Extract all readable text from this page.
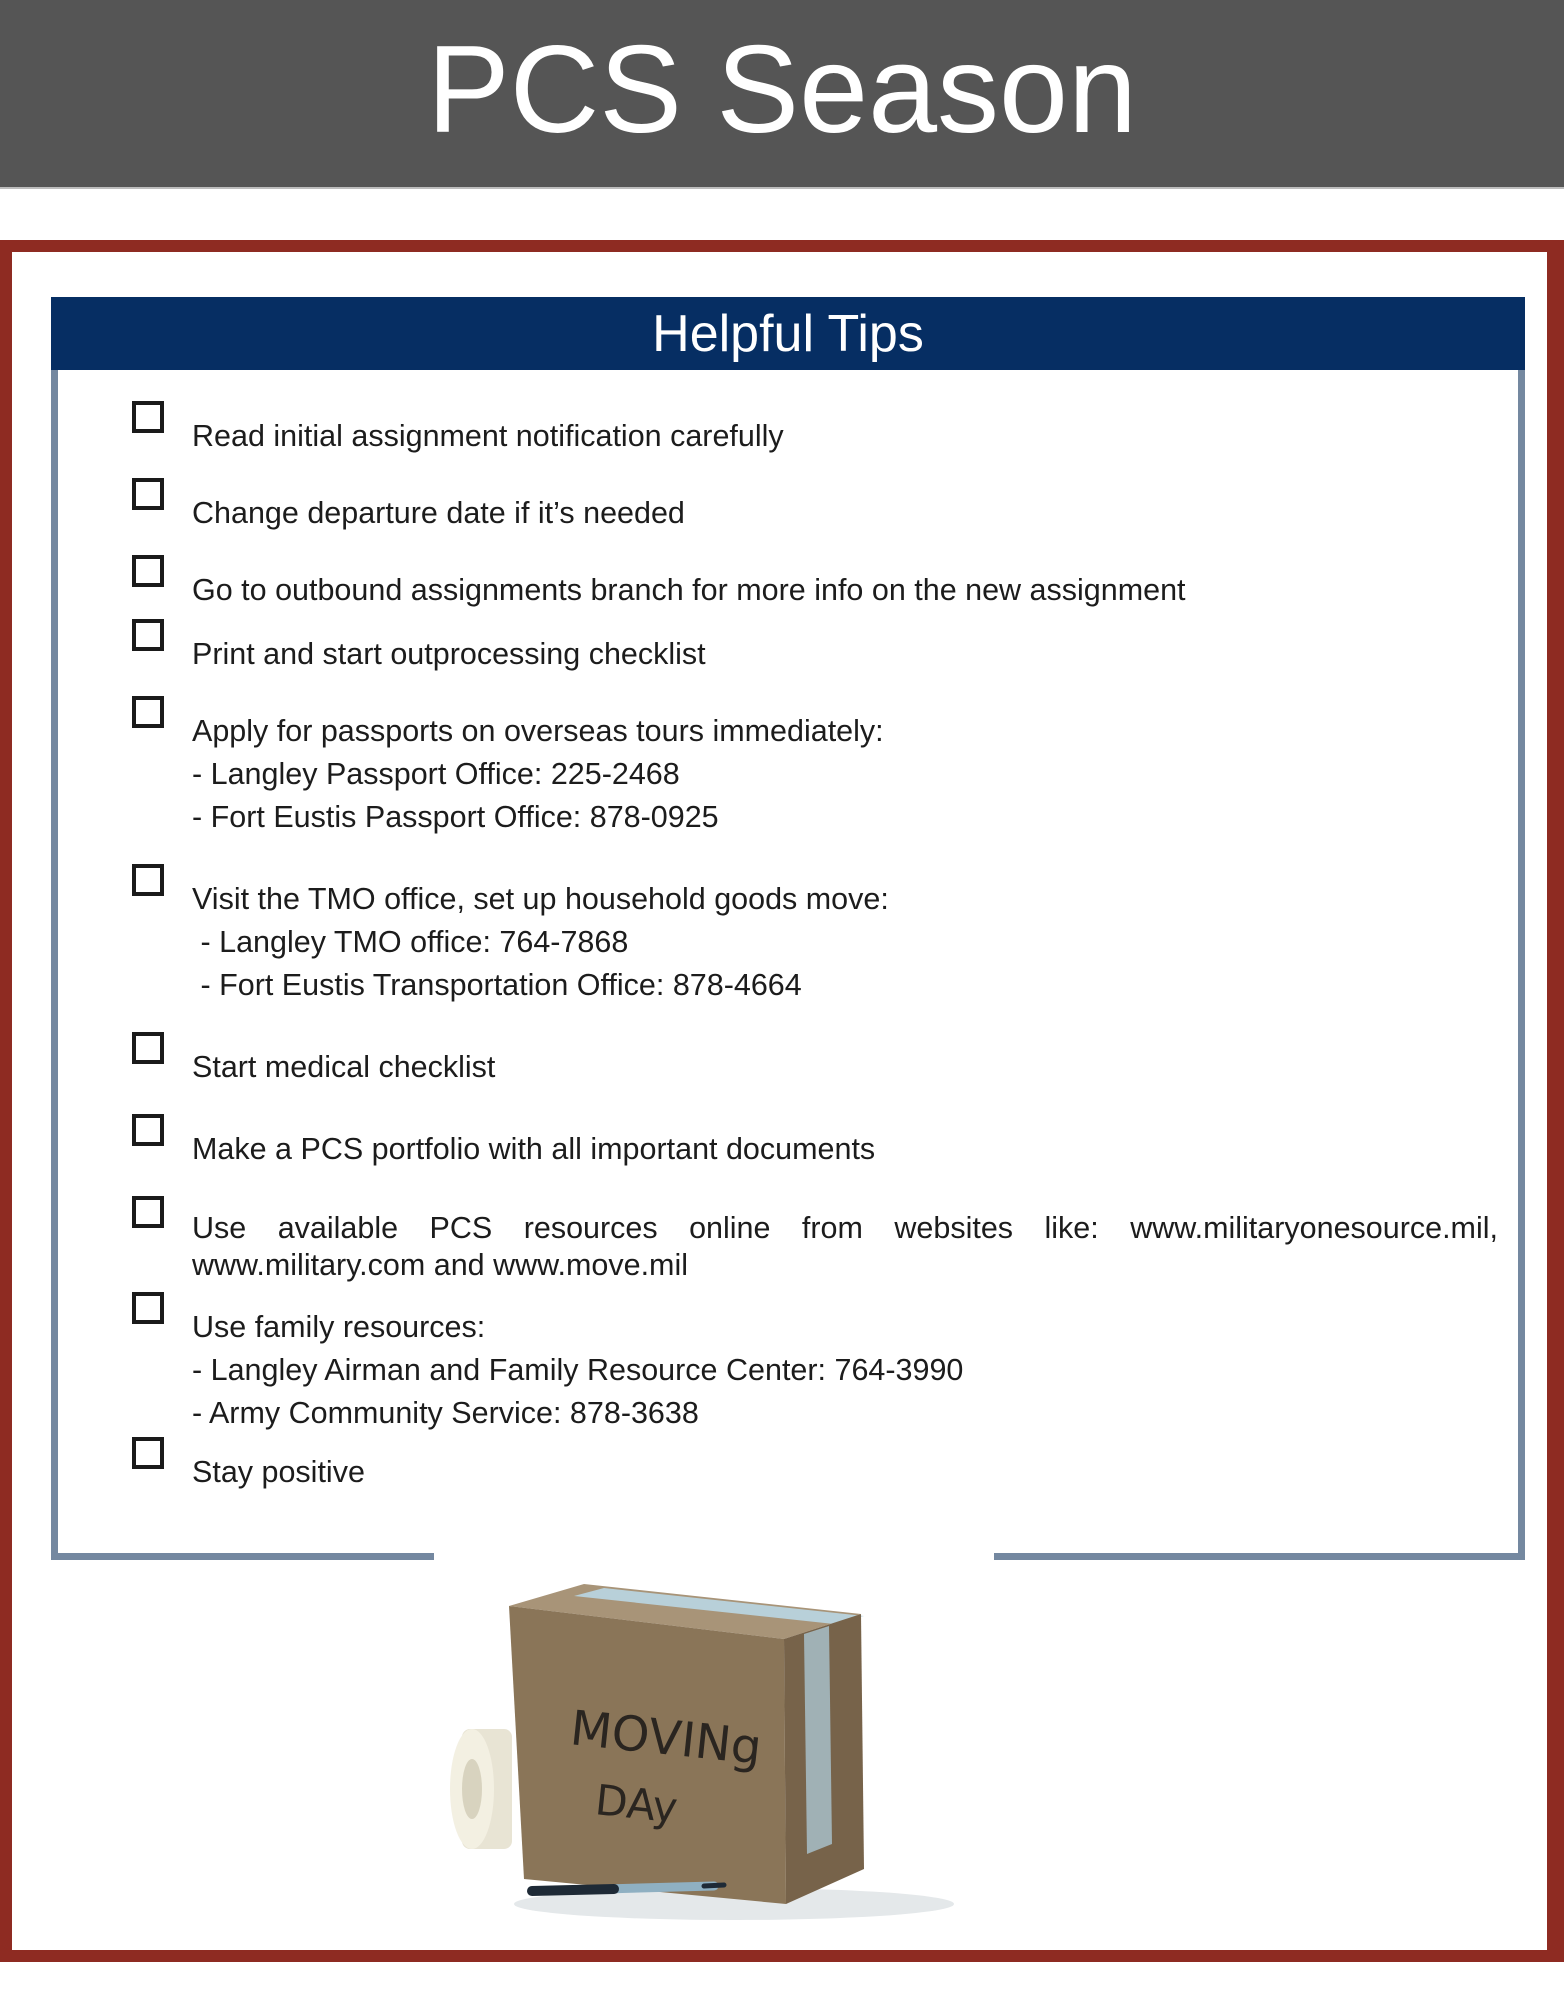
PCS Season
Helpful Tips
Read initial assignment notification carefully
Change departure date if it’s needed
Go to outbound assignments branch for more info on the new assignment
Print and start outprocessing checklist
Apply for passports on overseas tours immediately:
- Langley Passport Office: 225-2468
- Fort Eustis Passport Office: 878-0925
Visit the TMO office, set up household goods move:
- Langley TMO office: 764-7868
- Fort Eustis Transportation Office: 878-4664
Start medical checklist
Make a PCS portfolio with all important documents
Use available PCS resources online from websites like: www.militaryonesource.mil, www.military.com and www.move.mil
Use family resources:
- Langley Airman and Family Resource Center: 764-3990
- Army Community Service: 878-3638
Stay positive
MOVINg
DAy
